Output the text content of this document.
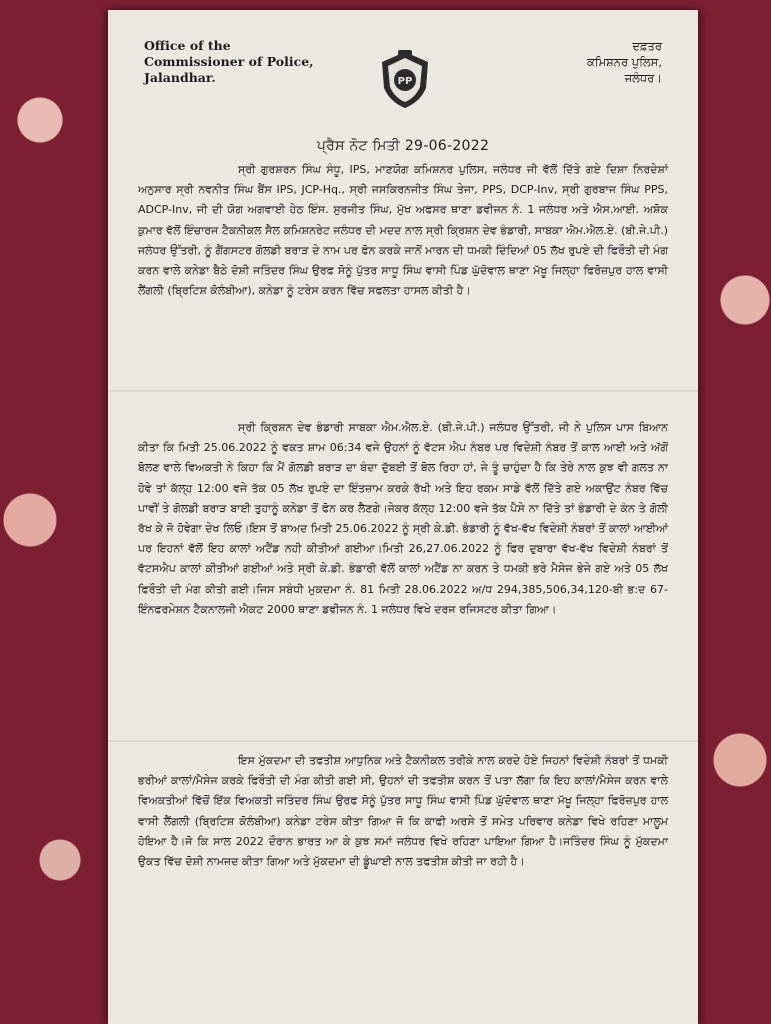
Office of the
Commissioner of Police,
Jalandhar.	PP
ਦਫ਼ਤਰ
ਕਮਿਸ਼ਨਰ ਪੁਲਿਸ,
ਜਲੰਧਰ।
ਪ੍ਰੈਸ ਨੋਟ ਮਿਤੀ 29-06-2022

ਸ੍ਰੀ ਗੁਰਸ਼ਰਨ ਸਿੰਘ ਸੰਧੂ, IPS, ਮਾਣਯੋਗ ਕਮਿਸ਼ਨਰ ਪੁਲਿਸ, ਜਲੰਧਰ ਜੀ ਵੱਲੋਂ ਦਿੱਤੇ ਗਏ ਦਿਸ਼ਾ ਨਿਰਦੇਸ਼ਾਂ ਅਨੁਸਾਰ ਸ੍ਰੀ ਨਵਨੀਤ ਸਿੰਘ ਬੈਂਸ IPS, JCP-Hq., ਸ੍ਰੀ ਜਸਕਿਰਨਜੀਤ ਸਿੰਘ ਤੇਜਾ, PPS, DCP-Inv, ਸ੍ਰੀ ਗੁਰਬਾਜ ਸਿੰਘ PPS, ADCP-Inv, ਜੀ ਦੀ ਯੋਗ ਅਗਵਾਈ ਹੇਠ ਇੰਸ. ਸੁਰਜੀਤ ਸਿੰਘ, ਮੁੱਖ ਅਫਸਰ ਥਾਣਾ ਡਵੀਜਨ ਨੰ. 1 ਜਲੰਧਰ ਅਤੇ ਐਸ.ਆਈ. ਅਸ਼ੋਕ ਕੁਮਾਰ ਵੱਲੋਂ ਇੰਚਾਰਜ ਟੈਕਨੀਕਲ ਸੈਲ ਕਮਿਸ਼ਨਰੇਟ ਜਲੰਧਰ ਦੀ ਮਦਦ ਨਾਲ ਸ੍ਰੀ ਕ੍ਰਿਸ਼ਨ ਦੇਵ ਭੰਡਾਰੀ, ਸਾਬਕਾ ਐਮ.ਐਲ.ਏ. (ਬੀ.ਜੇ.ਪੀ.) ਜਲੰਧਰ ਉੱਤਰੀ, ਨੂੰ ਗੈਂਗਸਟਰ ਗੋਲਡੀ ਬਰਾੜ ਦੇ ਨਾਮ ਪਰ ਫੋਨ ਕਰਕੇ ਜਾਨੋਂ ਮਾਰਨ ਦੀ ਧਮਕੀ ਦਿੰਦਿਆਂ 05 ਲੱਖ ਰੁਪਏ ਦੀ ਫਿਰੌਤੀ ਦੀ ਮੰਗ ਕਰਨ ਵਾਲੇ ਕਨੇਡਾ ਬੈਠੇ ਦੋਸ਼ੀ ਜਤਿੰਦਰ ਸਿੰਘ ਉਰਫ ਸੋਨੂੰ ਪੁੱਤਰ ਸਾਧੂ ਸਿੰਘ ਵਾਸੀ ਪਿੰਡ ਘੁੱਦੋਵਾਲ ਥਾਣਾ ਮੱਖੂ ਜਿਲ੍ਹਾ ਫਿਰੋਜ਼ਪੁਰ ਹਾਲ ਵਾਸੀ ਲੈਂਗਲੀ (ਬ੍ਰਿਟਿਸ਼ ਕੋਲੰਬੀਆ), ਕਨੇਡਾ ਨੂੰ ਟਰੇਸ ਕਰਨ ਵਿੱਚ ਸਫਲਤਾ ਹਾਸਲ ਕੀਤੀ ਹੈ।

ਸ੍ਰੀ ਕ੍ਰਿਸ਼ਨ ਦੇਵ ਭੰਡਾਰੀ ਸਾਬਕਾ ਐਮ.ਐਲ.ਏ. (ਬੀ.ਜੇ.ਪੀ.) ਜਲੰਧਰ ਉੱਤਰੀ, ਜੀ ਨੇ ਪੁਲਿਸ ਪਾਸ ਬਿਆਨ ਕੀਤਾ ਕਿ ਮਿਤੀ 25.06.2022 ਨੂੰ ਵਕਤ ਸ਼ਾਮ 06:34 ਵਜੇ ਉਹਨਾਂ ਨੂੰ ਵੱਟਸ ਐਪ ਨੰਬਰ ਪਰ ਵਿਦੇਸ਼ੀ ਨੰਬਰ ਤੋਂ ਕਾਲ ਆਈ ਅਤੇ ਅੱਗੋਂ ਬੋਲਣ ਵਾਲੇ ਵਿਅਕਤੀ ਨੇ ਕਿਹਾ ਕਿ ਮੈਂ ਗੋਲਡੀ ਬਰਾੜ ਦਾ ਬੰਦਾ ਦੁੱਬਈ ਤੋਂ ਬੋਲ ਰਿਹਾ ਹਾਂ, ਜੇ ਤੂੰ ਚਾਹੁੰਦਾ ਹੈ ਕਿ ਤੇਰੇ ਨਾਲ ਕੁਝ ਵੀ ਗਲਤ ਨਾ ਹੋਵੇ ਤਾਂ ਕੱਲ੍ਹ 12:00 ਵਜੇ ਤੱਕ 05 ਲੱਖ ਰੁਪਏ ਦਾ ਇੰਤਜ਼ਾਮ ਕਰਕੇ ਰੱਖੀ ਅਤੇ ਇਹ ਰਕਮ ਸਾਡੇ ਵੱਲੋਂ ਦਿੱਤੇ ਗਏ ਅਕਾਉਂਟ ਨੰਬਰ ਵਿੱਚ ਪਾਵੀਂ ਤੇ ਗੋਲਡੀ ਬਰਾੜ ਬਾਈ ਤੁਹਾਨੂੰ ਕਨੇਡਾ ਤੋਂ ਫੋਨ ਕਰ ਲੈਣਗੇ।ਜੇਕਰ ਕੱਲ੍ਹ 12:00 ਵਜੇ ਤੱਕ ਪੈਸੇ ਨਾ ਦਿੱਤੇ ਤਾਂ ਭੰਡਾਰੀ ਦੇ ਕੰਨ ਤੇ ਗੋਲੀ ਰੱਖ ਕੇ ਜੋ ਹੋਵੇਗਾ ਦੇਖ ਲਿਓ।ਇਸ ਤੋਂ ਬਾਅਦ ਮਿਤੀ 25.06.2022 ਨੂੰ ਸ੍ਰੀ ਕੇ.ਡੀ. ਭੰਡਾਰੀ ਨੂੰ ਵੱਖ-ਵੱਖ ਵਿਦੇਸ਼ੀ ਨੰਬਰਾਂ ਤੋਂ ਕਾਲਾਂ ਆਈਆਂ ਪਰ ਇਹਨਾਂ ਵੱਲੋਂ ਇਹ ਕਾਲਾਂ ਅਟੈਂਡ ਨਹੀ ਕੀਤੀਆਂ ਗਈਆ।ਮਿਤੀ 26,27.06.2022 ਨੂੰ ਫਿਰ ਦੁਬਾਰਾ ਵੱਖ-ਵੱਖ ਵਿਦੇਸ਼ੀ ਨੰਬਰਾਂ ਤੋਂ ਵੱਟਸਐਪ ਕਾਲਾਂ ਕੀਤੀਆਂ ਗਈਆਂ ਅਤੇ ਸ੍ਰੀ ਕੇ.ਡੀ. ਭੰਡਾਰੀ ਵੱਲੋਂ ਕਾਲਾਂ ਅਟੈਂਡ ਨਾ ਕਰਨ ਤੇ ਧਮਕੀ ਭਰੇ ਮੈਸੇਜ ਭੇਜੇ ਗਏ ਅਤੇ 05 ਲੱਖ ਫਿਰੌਤੀ ਦੀ ਮੰਗ ਕੀਤੀ ਗਈ।ਜਿਸ ਸਬੰਧੀ ਮੁਕਦਮਾ ਨੰ. 81 ਮਿਤੀ 28.06.2022 ਅ/ਧ 294,385,506,34,120-ਬੀ ਭ:ਦ 67-ਇੰਨਫਰਮੇਸ਼ਨ ਟੈਕਨਾਲਜੀ ਐਕਟ 2000 ਥਾਣਾ ਡਵੀਜਨ ਨੰ. 1 ਜਲੰਧਰ ਵਿਖੇ ਦਰਜ ਰਜਿਸਟਰ ਕੀਤਾ ਗਿਆ।

ਇਸ ਮੁੱਕਦਮਾ ਦੀ ਤਫਤੀਸ਼ ਆਧੁਨਿਕ ਅਤੇ ਟੈਕਨੀਕਲ ਤਰੀਕੇ ਨਾਲ ਕਰਦੇ ਹੋਏ ਜਿਹਨਾਂ ਵਿਦੇਸ਼ੀ ਨੰਬਰਾਂ ਤੋਂ ਧਮਕੀ ਭਰੀਆਂ ਕਾਲਾਂ/ਮੈਸੇਜ ਕਰਕੇ ਫਿਰੌਤੀ ਦੀ ਮੰਗ ਕੀਤੀ ਗਈ ਸੀ, ਉਹਨਾਂ ਦੀ ਤਫਤੀਸ਼ ਕਰਨ ਤੋਂ ਪਤਾ ਲੱਗਾ ਕਿ ਇਹ ਕਾਲਾਂ/ਮੈਸੇਜ ਕਰਨ ਵਾਲੇ ਵਿਅਕਤੀਆਂ ਵਿੱਚੋਂ ਇੱਕ ਵਿਅਕਤੀ ਜਤਿੰਦਰ ਸਿੰਘ ਉਰਫ ਸੋਨੂੰ ਪੁੱਤਰ ਸਾਧੂ ਸਿੰਘ ਵਾਸੀ ਪਿੰਡ ਘੁੱਦੋਵਾਲ ਥਾਣਾ ਮੱਖੂ ਜਿਲ੍ਹਾ ਫਿਰੋਜ਼ਪੁਰ ਹਾਲ ਵਾਸੀ ਲੈਂਗਲੀ (ਬ੍ਰਿਟਿਸ਼ ਕੋਲੰਬੀਆ) ਕਨੇਡਾ ਟਰੇਸ ਕੀਤਾ ਗਿਆ ਜੋ ਕਿ ਕਾਫੀ ਅਰਸੇ ਤੋਂ ਸਮੇਤ ਪਰਿਵਾਰ ਕਨੇਡਾ ਵਿਖੇ ਰਹਿਣਾ ਮਾਲੂਮ ਹੋਇਆ ਹੈ।ਜੋ ਕਿ ਸਾਲ 2022 ਦੌਰਾਨ ਭਾਰਤ ਆ ਕੇ ਕੁਝ ਸਮਾਂ ਜਲੰਧਰ ਵਿਖੇ ਰਹਿਣਾ ਪਾਇਆ ਗਿਆ ਹੈ।ਜਤਿੰਦਰ ਸਿੰਘ ਨੂੰ ਮੁੱਕਦਮਾ ਉਕਤ ਵਿੱਚ ਦੋਸ਼ੀ ਨਾਮਜਦ ਕੀਤਾ ਗਿਆ ਅਤੇ ਮੁੱਕਦਮਾ ਦੀ ਡੂੰਘਾਈ ਨਾਲ ਤਫਤੀਸ਼ ਕੀਤੀ ਜਾ ਰਹੀ ਹੈ।
